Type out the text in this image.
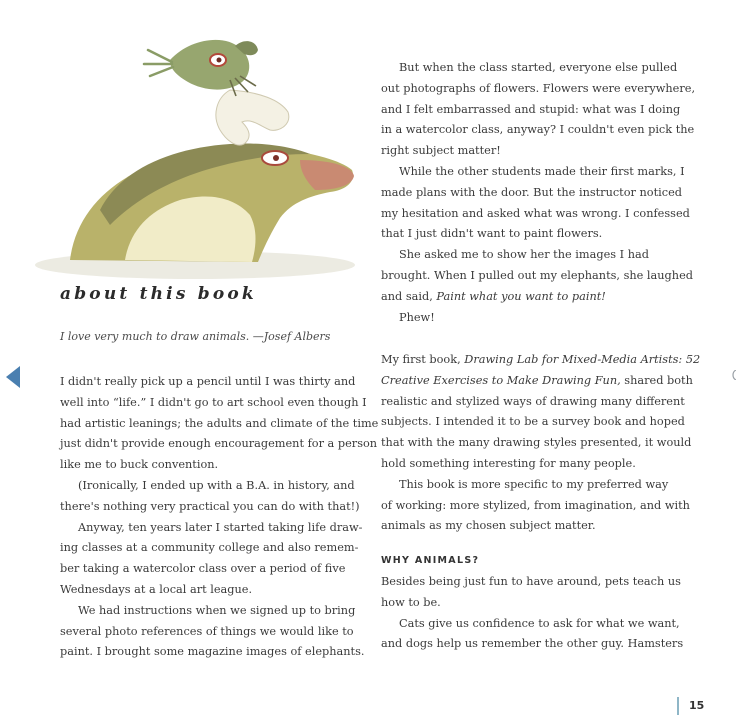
about this book
I love very much to draw animals. —Josef Albers

I didn't really pick up a pencil until I was thirty and

well into “life.” I didn't go to art school even though I

had artistic leanings; the adults and climate of the time

just didn't provide enough encouragement for a person

like me to buck convention.

(Ironically, I ended up with a B.A. in history, and

there's nothing very practical you can do with that!)

Anyway, ten years later I started taking life draw-

ing classes at a community college and also remem-

ber taking a watercolor class over a period of five

Wednesdays at a local art league.

We had instructions when we signed up to bring

several photo references of things we would like to

paint. I brought some magazine images of elephants.

But when the class started, everyone else pulled

out photographs of flowers. Flowers were everywhere,

and I felt embarrassed and stupid: what was I doing

in a watercolor class, anyway? I couldn't even pick the

right subject matter!

While the other students made their first marks, I

made plans with the door. But the instructor noticed

my hesitation and asked what was wrong. I confessed

that I just didn't want to paint flowers.

She asked me to show her the images I had

brought. When I pulled out my elephants, she laughed

and said, Paint what you want to paint!

Phew!

My first book, Drawing Lab for Mixed-Media Artists: 52

Creative Exercises to Make Drawing Fun, shared both

realistic and stylized ways of drawing many different

subjects. I intended it to be a survey book and hoped

that with the many drawing styles presented, it would

hold something interesting for many people.

This book is more specific to my preferred way

of working: more stylized, from imagination, and with

animals as my chosen subject matter.

WHY ANIMALS?

Besides being just fun to have around, pets teach us

how to be.

Cats give us confidence to ask for what we want,

and dogs help us remember the other guy. Hamsters

15
